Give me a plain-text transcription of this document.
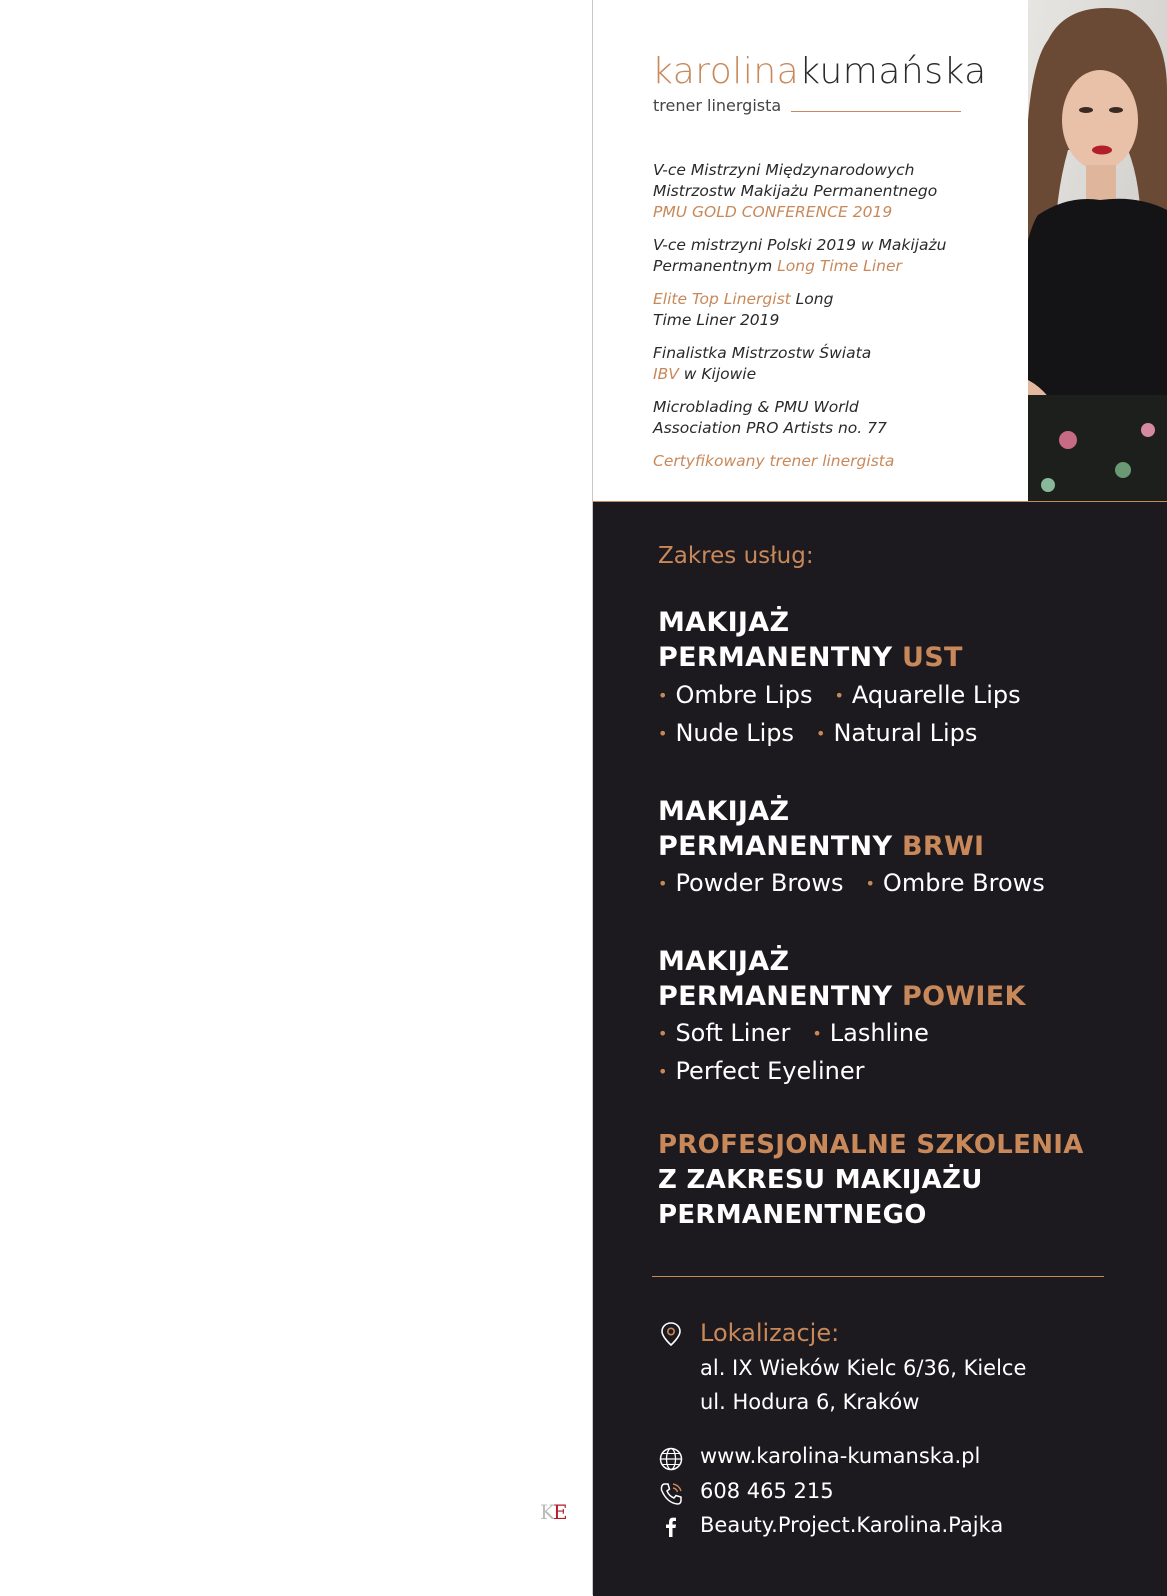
KE
karolinakumańska
trener linergista
V-ce Mistrzyni Międzynarodowych Mistrzostw Makijażu Permanentnego
PMU GOLD CONFERENCE 2019
V-ce mistrzyni Polski 2019 w Makijażu Permanentnym Long Time Liner
Elite Top Linergist Long Time Liner 2019
Finalistka Mistrzostw Świata IBV w Kijowie
Microblading & PMU World Association PRO Artists no. 77
Certyfikowany trener linergista
Zakres usług:
MAKIJAŻ
PERMANENTNY UST
• Ombre Lips • Aquarelle Lips
• Nude Lips • Natural Lips
MAKIJAŻ
PERMANENTNY BRWI
• Powder Brows • Ombre Brows
MAKIJAŻ
PERMANENTNY POWIEK
• Soft Liner • Lashline
• Perfect Eyeliner
PROFESJONALNE SZKOLENIA
Z ZAKRESU MAKIJAŻU
PERMANENTNEGO
Lokalizacje:
al. IX Wieków Kielc 6/36, Kielce
ul. Hodura 6, Kraków
www.karolina-kumanska.pl
608 465 215
Beauty.Project.Karolina.Pajka
